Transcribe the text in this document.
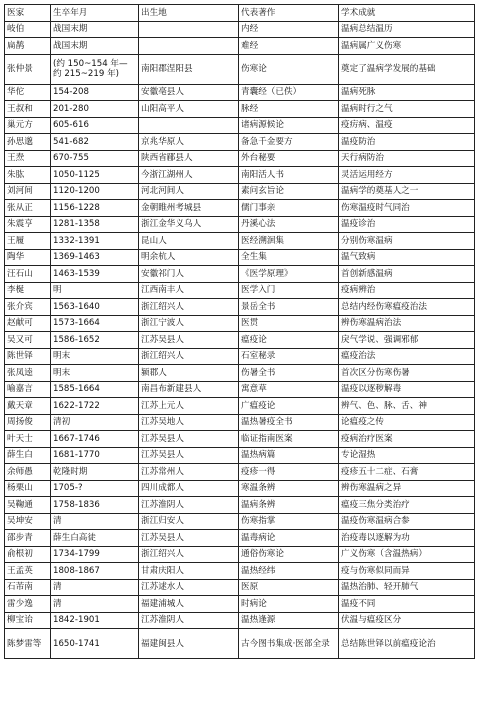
医家	生卒年月	出生地	代表著作	学术成就
岐伯	战国末期		内经	温病总结温历
扁鹊	战国末期		难经	温病属广义伤寒
张仲景	(约 150~154 年—约 215~219 年)	南阳郡涅阳县	伤寒论	奠定了温病学发展的基础
华佗	154-208	安徽亳县人	青囊经（已佚）	温病死脉
王叔和	201-280	山阳高平人	脉经	温病时行之气
巢元方	605-616		诸病源候论	疫疠病、温疫
孙思邈	541-682	京兆华原人	备急千金要方	温疫防治
王焘	670-755	陕西省郿县人	外台秘要	天行病防治
朱肱	1050-1125	今浙江湖州人	南阳活人书	灵活运用经方
刘河间	1120-1200	河北河间人	素问玄旨论	温病学的奠基人之一
张从正	1156-1228	金朝睢州考城县	儒门事亲	伤寒温疫时气同治
朱震亨	1281-1358	浙江金华义乌人	丹溪心法	温疫诊治
王履	1332-1391	昆山人	医经溯洄集	分别伤寒温病
陶华	1369-1463	明余杭人	全生集	温气致病
汪石山	1463-1539	安徽祁门人	《医学原理》	首创新感温病
李梴	明	江西南丰人	医学入门	疫病辨治
张介宾	1563-1640	浙江绍兴人	景岳全书	总结内经伤寒瘟疫治法
赵献可	1573-1664	浙江宁波人	医贯	辨伤寒温病治法
吴又可	1586-1652	江苏吴县人	瘟疫论	戾气学说、强调邪郁
陈世铎	明末	浙江绍兴人	石室秘录	瘟疫治法
张凤逵	明末	颍郡人	伤暑全书	首次区分伤寒伤暑
喻嘉言	1585-1664	南昌布新建县人	寓意草	温疫以逐秽解毒
戴天章	1622-1722	江苏上元人	广瘟疫论	辨气、色、脉、舌、神
周扬俊	清初	江苏吴地人	温热暑疫全书	论瘟疫之传
叶天士	1667-1746	江苏吴县人	临证指南医案	疫病治疗医案
薛生白	1681-1770	江苏吴县人	温热病篇	专论湿热
余师愚	乾隆时期	江苏常州人	疫疹一得	疫疹五十二症、石膏
杨栗山	1705-?	四川成都人	寒温条辨	辨伤寒温病之异
吴鞠通	1758-1836	江苏淮阴人	温病条辨	瘟疫三焦分类治疗
吴坤安	清	浙江归安人	伤寒指掌	温疫伤寒温病合参
邵步青	薛生白高徒	江苏吴县人	温毒病论	治疫毒以逐解为功
俞根初	1734-1799	浙江绍兴人	通俗伤寒论	广义伤寒（含温热病）
王孟英	1808-1867	甘肃庆阳人	温热经纬	疫与伤寒似同而异
石芾南	清	江苏逑水人	医原	温热治肺、轻开肺气
雷少逸	清	福建浦城人	时病论	温疫不同
柳宝诒	1842-1901	江苏淮阴人	温热逢源	伏温与瘟疫区分
陈梦雷等	1650-1741	福建闽县人	古今图书集成·医部全录	总结陈世铎以前瘟疫论治
